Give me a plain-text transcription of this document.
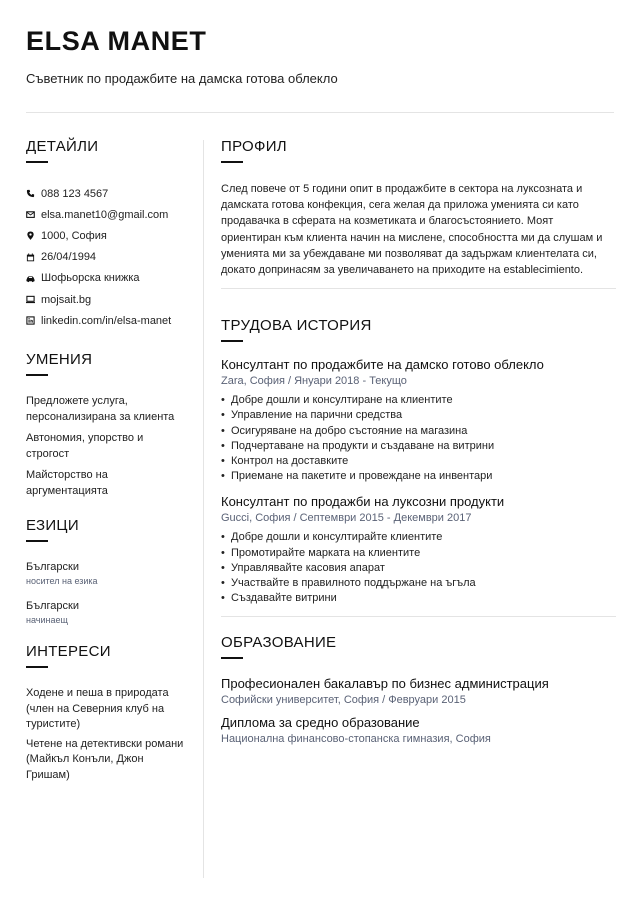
ELSA MANET
Съветник по продажбите на дамска готова облекло
ДЕТАЙЛИ
088 123 4567
elsa.manet10@gmail.com
1000, София
26/04/1994
Шофьорска книжка
mojsait.bg
linkedin.com/in/elsa-manet
УМЕНИЯ
Предложете услуга, персонализирана за клиента
Автономия, упорство и строгост
Майсторство на аргументацията
ЕЗИЦИ
Български
носител на езика
Български
начинаещ
ИНТЕРЕСИ
Ходене и пеша в природата (член на Северния клуб на туристите)
Четене на детективски романи (Майкъл Конъли, Джон Гришам)
ПРОФИЛ
След повече от 5 години опит в продажбите в сектора на луксозната и дамската готова конфекция, сега желая да приложа уменията си като продавачка в сферата на козметиката и благосъстоянието. Моят ориентиран към клиента начин на мислене, способността ми да слушам и уменията ми за убеждаване ми позволяват да задържам клиентелата си, докато допринасям за увеличаването на приходите на establecimiento.
ТРУДОВА ИСТОРИЯ
Консултант по продажбите на дамско готово облекло
Zara, София / Януари 2018 - Текущо
• Добре дошли и консултиране на клиентите
• Управление на парични средства
• Осигуряване на добро състояние на магазина
• Подчертаване на продукти и създаване на витрини
• Контрол на доставките
• Приемане на пакетите и провеждане на инвентари
Консултант по продажби на луксозни продукти
Gucci, София / Септември 2015 - Декември 2017
• Добре дошли и консултирайте клиентите
• Промотирайте марката на клиентите
• Управлявайте касовия апарат
• Участвайте в правилното поддържане на ъгъла
• Създавайте витрини
ОБРАЗОВАНИЕ
Професионален бакалавър по бизнес администрация
Софийски университет, София / Февруари 2015
Диплома за средно образование
Национална финансово-стопанска гимназия, София
